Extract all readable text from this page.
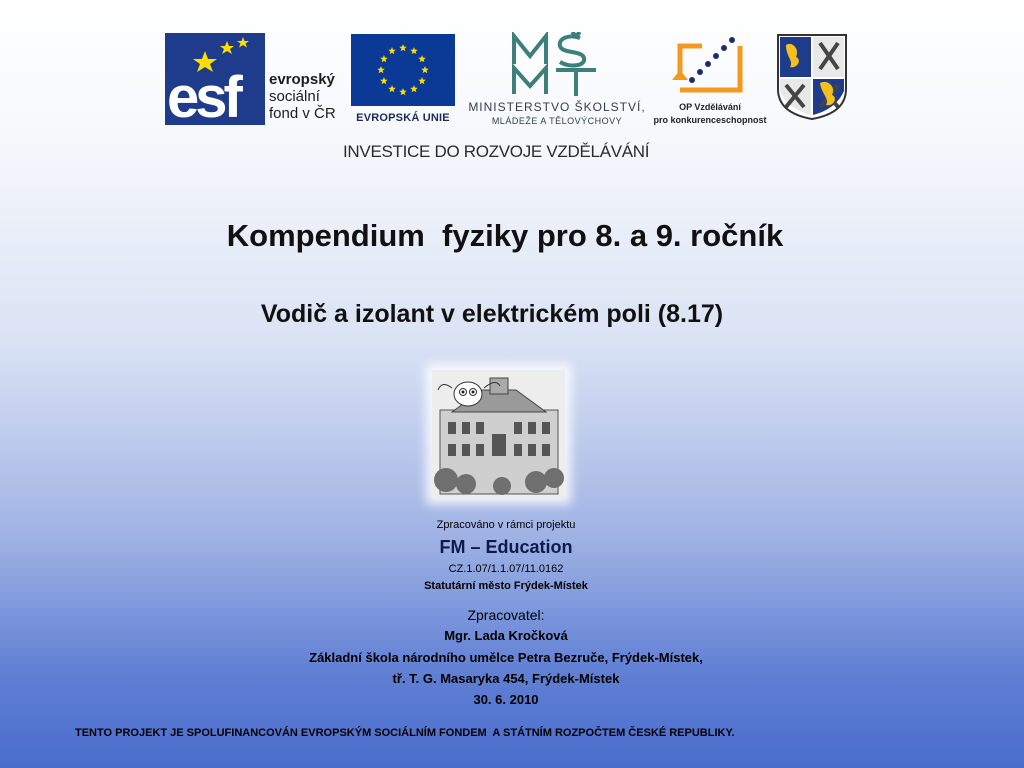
esf evropský
sociální
fond v ČR	EVROPSKÁ UNIE
MINISTERSTVO ŠKOLSTVÍ,
MLÁDEŽE A TĚLOVÝCHOVY
OP Vzdělávání
pro konkurenceschopnost
INVESTICE DO ROZVOJE VZDĚLÁVÁNÍ
Kompendium  fyziky pro 8. a 9. ročník
Vodič a izolant v elektrickém poli (8.17)
Zpracováno v rámci projektu
FM – Education
CZ.1.07/1.1.07/11.0162
Statutární město Frýdek-Místek
Zpracovatel:
Mgr. Lada Kročková
Základní škola národního umělce Petra Bezruče, Frýdek-Místek,
tř. T. G. Masaryka 454, Frýdek-Místek
30. 6. 2010
TENTO PROJEKT JE SPOLUFINANCOVÁN EVROPSKÝM SOCIÁLNÍM FONDEM  A STÁTNÍM ROZPOČTEM ČESKÉ REPUBLIKY.
